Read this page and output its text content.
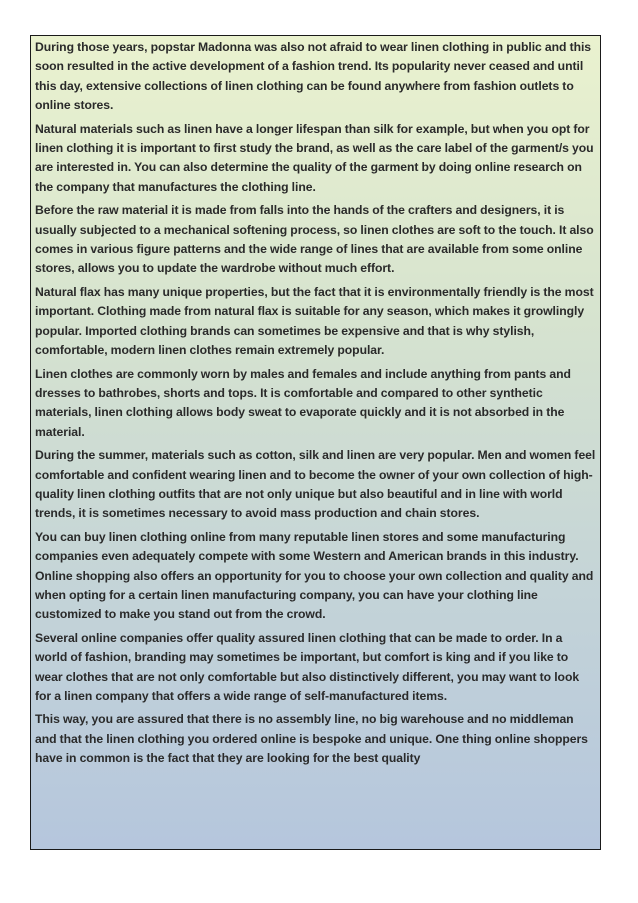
During those years, popstar Madonna was also not afraid to wear linen clothing in public and this soon resulted in the active development of a fashion trend. Its popularity never ceased and until this day, extensive collections of linen clothing can be found anywhere from fashion outlets to online stores.

Natural materials such as linen have a longer lifespan than silk for example, but when you opt for linen clothing it is important to first study the brand, as well as the care label of the garment/s you are interested in. You can also determine the quality of the garment by doing online research on the company that manufactures the clothing line.

Before the raw material it is made from falls into the hands of the crafters and designers, it is usually subjected to a mechanical softening process, so linen clothes are soft to the touch. It also comes in various figure patterns and the wide range of lines that are available from some online stores, allows you to update the wardrobe without much effort.

Natural flax has many unique properties, but the fact that it is environmentally friendly is the most important. Clothing made from natural flax is suitable for any season, which makes it growlingly popular. Imported clothing brands can sometimes be expensive and that is why stylish, comfortable, modern linen clothes remain extremely popular.

Linen clothes are commonly worn by males and females and include anything from pants and dresses to bathrobes, shorts and tops. It is comfortable and compared to other synthetic materials, linen clothing allows body sweat to evaporate quickly and it is not absorbed in the material.

During the summer, materials such as cotton, silk and linen are very popular. Men and women feel comfortable and confident wearing linen and to become the owner of your own collection of high-quality linen clothing outfits that are not only unique but also beautiful and in line with world trends, it is sometimes necessary to avoid mass production and chain stores.

You can buy linen clothing online from many reputable linen stores and some manufacturing companies even adequately compete with some Western and American brands in this industry. Online shopping also offers an opportunity for you to choose your own collection and quality and when opting for a certain linen manufacturing company, you can have your clothing line customized to make you stand out from the crowd.

Several online companies offer quality assured linen clothing that can be made to order. In a world of fashion, branding may sometimes be important, but comfort is king and if you like to wear clothes that are not only comfortable but also distinctively different, you may want to look for a linen company that offers a wide range of self-manufactured items.

This way, you are assured that there is no assembly line, no big warehouse and no middleman and that the linen clothing you ordered online is bespoke and unique. One thing online shoppers have in common is the fact that they are looking for the best quality
